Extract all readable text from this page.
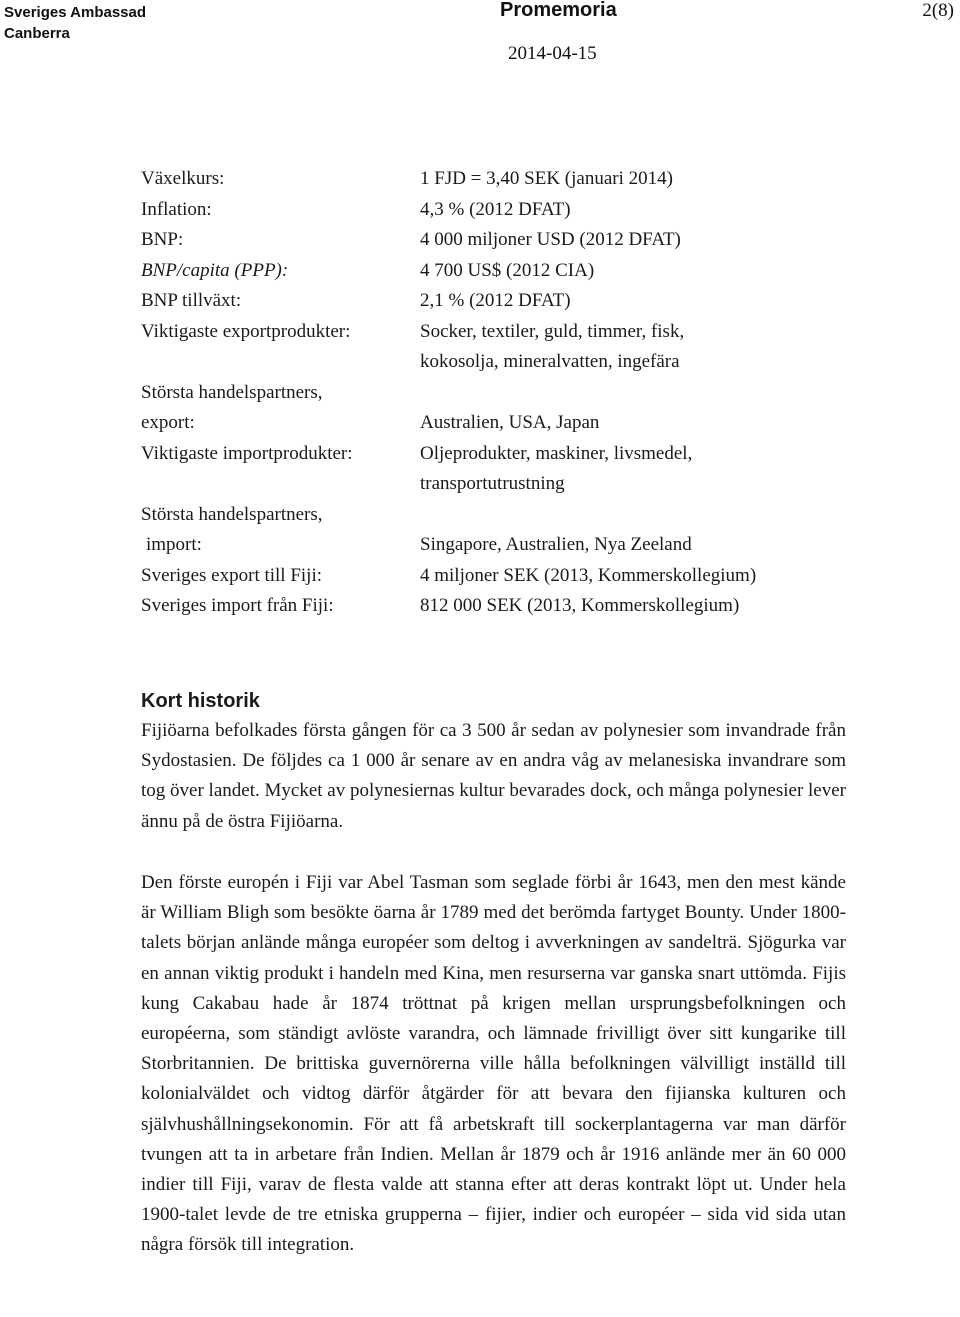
Sveriges Ambassad
Canberra
Promemoria
2014-04-15
2(8)
Växelkurs:	1 FJD = 3,40 SEK (januari 2014)
Inflation:	4,3 % (2012 DFAT)
BNP:	4 000 miljoner USD (2012 DFAT)
BNP/capita (PPP):	4 700 US$ (2012 CIA)
BNP tillväxt:	2,1 % (2012 DFAT)
Viktigaste exportprodukter:	Socker, textiler, guld, timmer, fisk,
kokosolja, mineralvatten, ingefära
Största handelspartners,
export:
	Australien, USA, Japan
Viktigaste importprodukter:	Oljeprodukter, maskiner, livsmedel,
transportutrustning
Största handelspartners,
import:
	Singapore, Australien, Nya Zeeland
Sveriges export till Fiji:	4 miljoner SEK (2013, Kommerskollegium)
Sveriges import från Fiji:	812 000 SEK (2013, Kommerskollegium)
Kort historik

Fijiöarna befolkades första gången för ca 3 500 år sedan av polynesier som invandrade från Sydostasien. De följdes ca 1 000 år senare av en andra våg av melanesiska invandrare som tog över landet. Mycket av polynesiernas kultur bevarades dock, och många polynesier lever ännu på de östra Fijiöarna.

Den förste europén i Fiji var Abel Tasman som seglade förbi år 1643, men den mest kände är William Bligh som besökte öarna år 1789 med det berömda fartyget Bounty. Under 1800-talets början anlände många européer som deltog i avverkningen av sandelträ. Sjögurka var en annan viktig produkt i handeln med Kina, men resurserna var ganska snart uttömda. Fijis kung Cakabau hade år 1874 tröttnat på krigen mellan ursprungsbefolkningen och européerna, som ständigt avlöste varandra, och lämnade frivilligt över sitt kungarike till Storbritannien. De brittiska guvernörerna ville hålla befolkningen välvilligt inställd till kolonialväldet och vidtog därför åtgärder för att bevara den fijianska kulturen och självhushållningsekonomin. För att få arbetskraft till sockerplantagerna var man därför tvungen att ta in arbetare från Indien. Mellan år 1879 och år 1916 anlände mer än 60 000 indier till Fiji, varav de flesta valde att stanna efter att deras kontrakt löpt ut. Under hela 1900-talet levde de tre etniska grupperna – fijier, indier och européer – sida vid sida utan några försök till integration.
